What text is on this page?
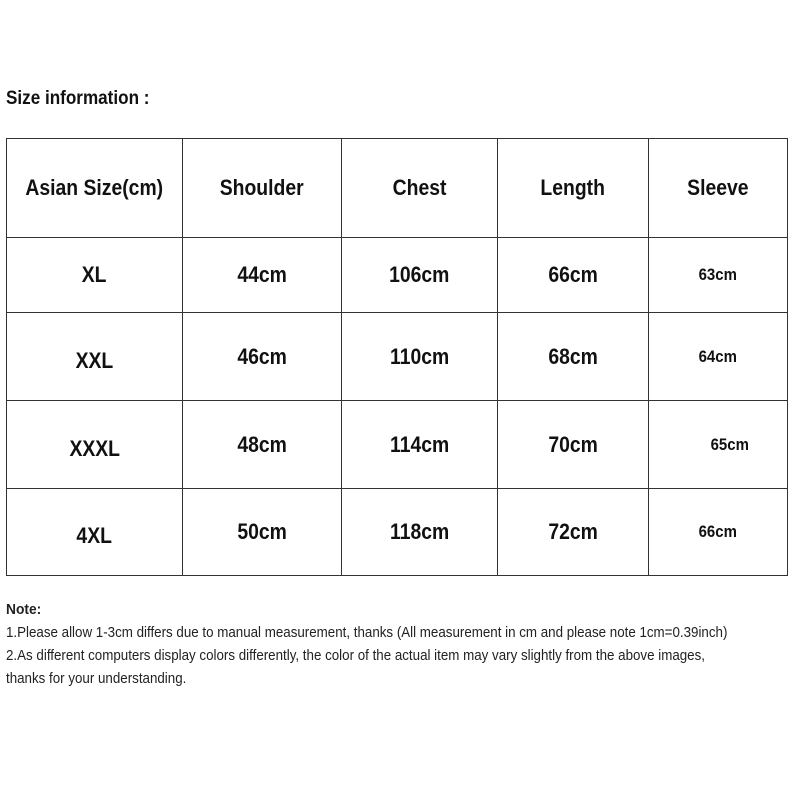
Size information :
Asian Size(cm)	Shoulder	Chest	Length	Sleeve
XL	44cm	106cm	66cm	63cm
XXL	46cm	110cm	68cm	64cm
XXXL	48cm	114cm	70cm	65cm
4XL	50cm	118cm	72cm	66cm
Note:
1.Please allow 1-3cm differs due to manual measurement, thanks (All measurement in cm and please note 1cm=0.39inch)
2.As different computers display colors differently, the color of the actual item may vary slightly from the above images,
thanks for your understanding.
